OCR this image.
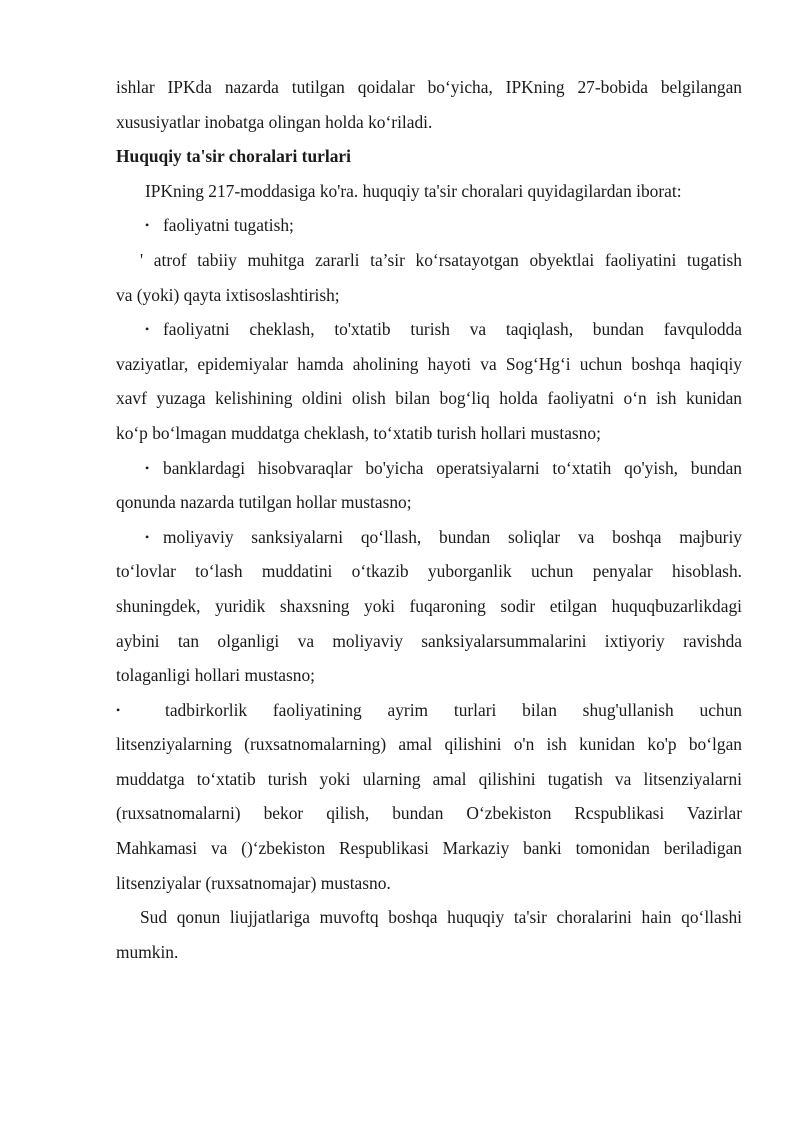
ishlar IPKda nazarda tutilgan qoidalar bo‘yicha, IPKning 27-bobida belgilangan
xususiyatlar inobatga olingan holda ko‘riladi.
Huquqiy ta'sir choralari turlari
IPKning 217-moddasiga ko'ra. huquqiy ta'sir choralari quyidagilardan iborat:
• faoliyatni tugatish;
' atrof tabiiy muhitga zararli ta’sir ko‘rsatayotgan obyektlai faoliyatini tugatish
va (yoki) qayta ixtisoslashtirish;
• faoliyatni cheklash, to'xtatib turish va taqiqlash, bundan favqulodda
vaziyatlar, epidemiyalar hamda aholining hayoti va Sog‘Hg‘i uchun boshqa haqiqiy
xavf yuzaga kelishining oldini olish bilan bog‘liq holda faoliyatni o‘n ish kunidan
ko‘p bo‘lmagan muddatga cheklash, to‘xtatib turish hollari mustasno;
• banklardagi hisobvaraqlar bo'yicha operatsiyalarni to‘xtatih qo'yish, bundan
qonunda nazarda tutilgan hollar mustasno;
• moliyaviy sanksiyalarni qo‘llash, bundan soliqlar va boshqa majburiy
to‘lovlar to‘lash muddatini o‘tkazib yuborganlik uchun penyalar hisoblash.
shuningdek, yuridik shaxsning yoki fuqaroning sodir etilgan huquqbuzarlikdagi
aybini tan olganligi va moliyaviy sanksiyalarsummalarini ixtiyoriy ravishda
tolaganligi hollari mustasno;
•	tadbirkorlik faoliyatining ayrim turlari bilan shug'ullanish uchun
litsenziyalarning (ruxsatnomalarning) amal qilishini o'n ish kunidan ko'p bo‘lgan
muddatga to‘xtatib turish yoki ularning amal qilishini tugatish va litsenziyalarni
(ruxsatnomalarni) bekor qilish, bundan O‘zbekiston Rcspublikasi Vazirlar
Mahkamasi va ()‘zbekiston Respublikasi Markaziy banki tomonidan beriladigan
litsenziyalar (ruxsatnomajar) mustasno.
Sud qonun liujjatlariga muvoftq boshqa huquqiy ta'sir choralarini hain qo‘llashi
mumkin.
